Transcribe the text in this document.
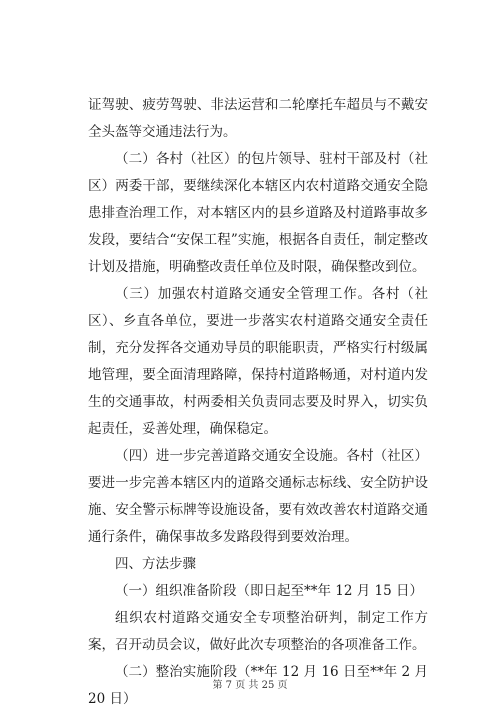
证驾驶、疲劳驾驶、非法运营和二轮摩托车超员与不戴安全头盔等交通违法行为。

（二）各村（社区）的包片领导、驻村干部及村（社区）两委干部，要继续深化本辖区内农村道路交通安全隐患排查治理工作，对本辖区内的县乡道路及村道路事故多发段，要结合“安保工程”实施，根据各自责任，制定整改计划及措施，明确整改责任单位及时限，确保整改到位。

（三）加强农村道路交通安全管理工作。各村（社区）、乡直各单位，要进一步落实农村道路交通安全责任制，充分发挥各交通劝导员的职能职责，严格实行村级属地管理，要全面清理路障，保持村道路畅通，对村道内发生的交通事故，村两委相关负责同志要及时界入，切实负起责任，妥善处理，确保稳定。

（四）进一步完善道路交通安全设施。各村（社区）要进一步完善本辖区内的道路交通标志标线、安全防护设施、安全警示标牌等设施设备，要有效改善农村道路交通通行条件，确保事故多发路段得到要效治理。

四、方法步骤

（一）组织准备阶段（即日起至**年 12 月 15 日）

组织农村道路交通安全专项整治研判，制定工作方案，召开动员会议，做好此次专项整治的各项准备工作。

（二）整治实施阶段（**年 12 月 16 日至**年 2 月 20 日）

第 7 页 共 25 页
